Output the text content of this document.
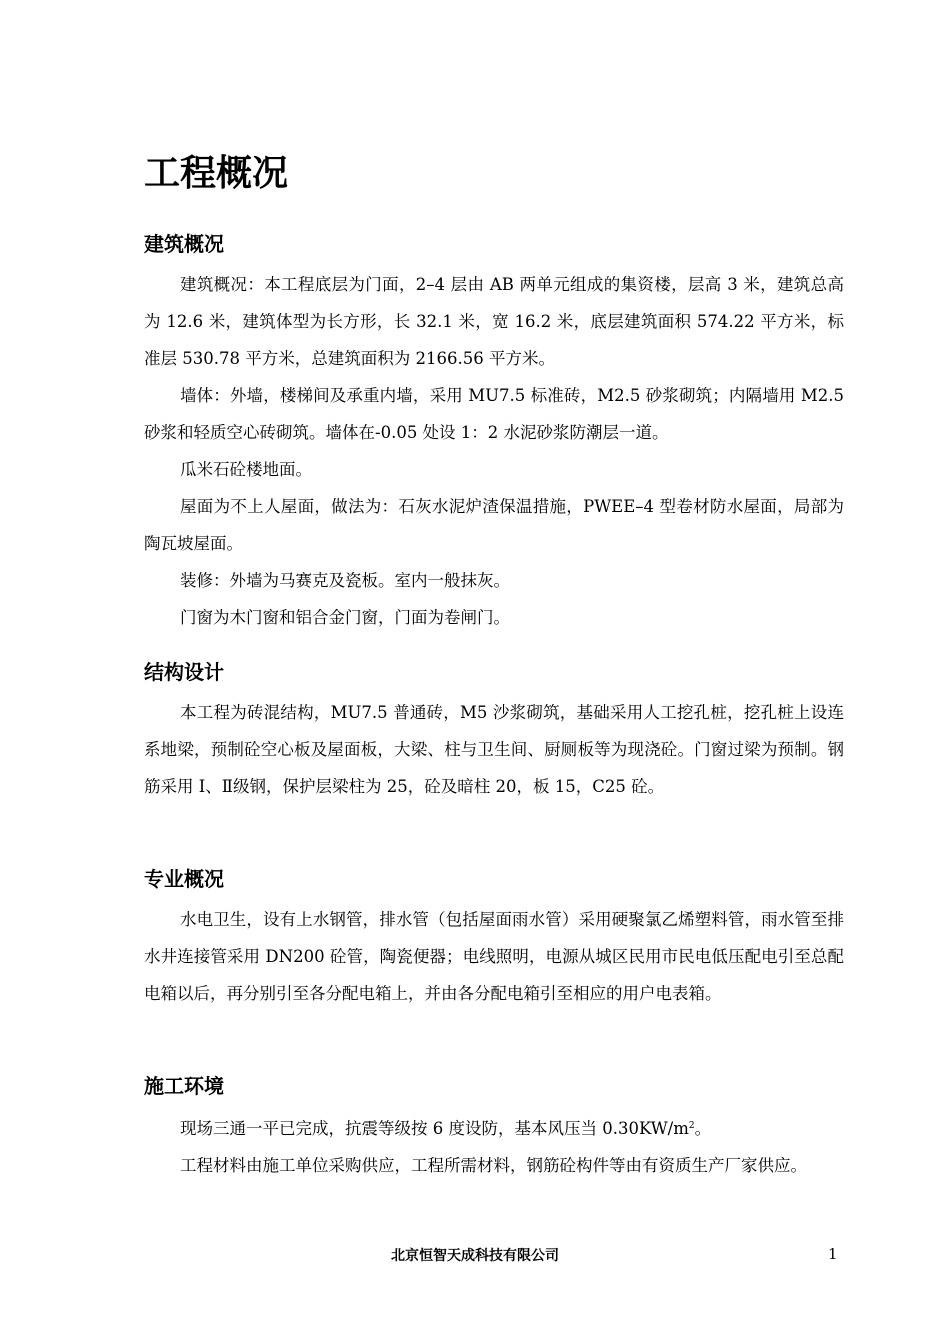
工程概况
建筑概况

建筑概况：本工程底层为门面，2–4 层由 AB 两单元组成的集资楼，层高 3 米，建筑总高为 12.6 米，建筑体型为长方形，长 32.1 米，宽 16.2 米，底层建筑面积 574.22 平方米，标准层 530.78 平方米，总建筑面积为 2166.56 平方米。

墙体：外墙，楼梯间及承重内墙，采用 MU7.5 标准砖，M2.5 砂浆砌筑；内隔墙用 M2.5 砂浆和轻质空心砖砌筑。墙体在-0.05 处设 1：2 水泥砂浆防潮层一道。

瓜米石砼楼地面。

屋面为不上人屋面，做法为：石灰水泥炉渣保温措施，PWEE–4 型卷材防水屋面，局部为陶瓦坡屋面。

装修：外墙为马赛克及瓷板。室内一般抹灰。

门窗为木门窗和铝合金门窗，门面为卷闸门。

结构设计

本工程为砖混结构，MU7.5 普通砖，M5 沙浆砌筑，基础采用人工挖孔桩，挖孔桩上设连系地梁，预制砼空心板及屋面板，大梁、柱与卫生间、厨厕板等为现浇砼。门窗过梁为预制。钢筋采用 I、Ⅱ级钢，保护层梁柱为 25，砼及暗柱 20，板 15，C25 砼。

专业概况

水电卫生，设有上水钢管，排水管（包括屋面雨水管）采用硬聚氯乙烯塑料管，雨水管至排水井连接管采用 DN200 砼管，陶瓷便器；电线照明，电源从城区民用市民电低压配电引至总配电箱以后，再分别引至各分配电箱上，并由各分配电箱引至相应的用户电表箱。

施工环境

现场三通一平已完成，抗震等级按 6 度设防，基本风压当 $0.30KW/m^2$。

工程材料由施工单位采购供应，工程所需材料，钢筋砼构件等由有资质生产厂家供应。

北京恒智天成科技有限公司	1
